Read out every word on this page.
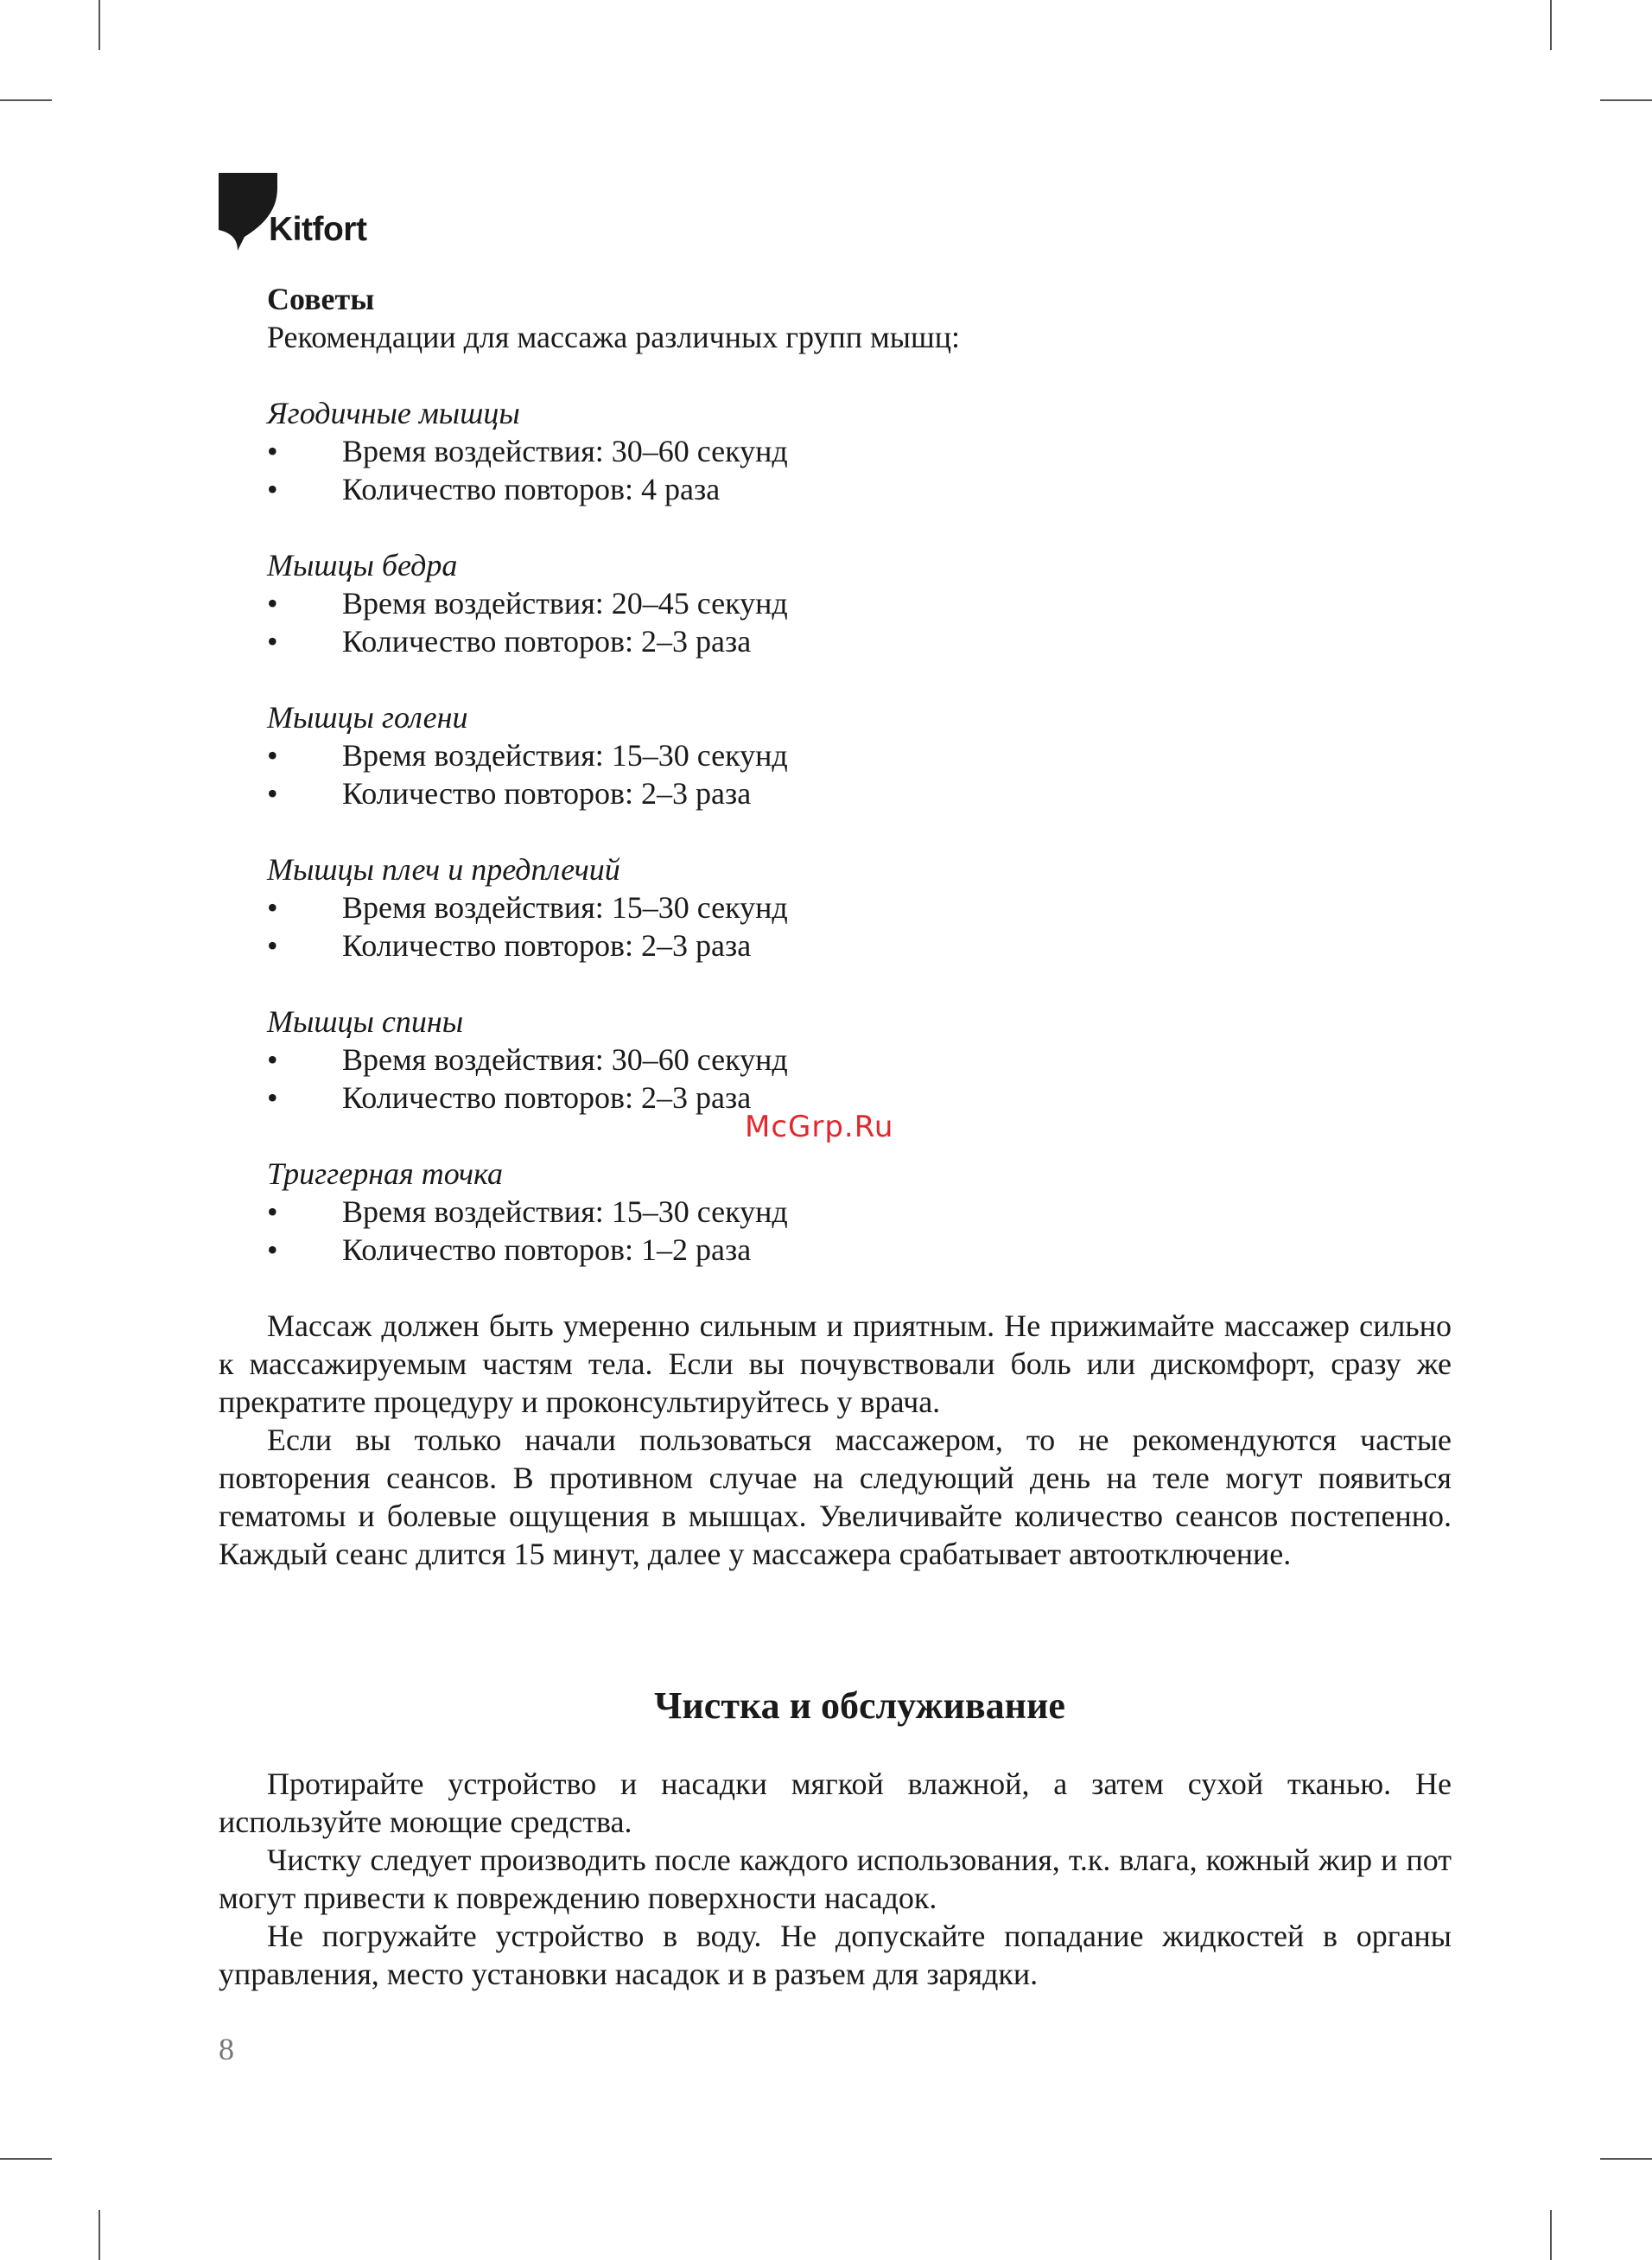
Kitfort
Советы
Рекомендации для массажа различных групп мышц:
Ягодичные мышцы
•	Время воздействия: 30–60 секунд
•	Количество повторов: 4 раза
Мышцы бедра
•	Время воздействия: 20–45 секунд
•	Количество повторов: 2–3 раза
Мышцы голени
•	Время воздействия: 15–30 секунд
•	Количество повторов: 2–3 раза
Мышцы плеч и предплечий
•	Время воздействия: 15–30 секунд
•	Количество повторов: 2–3 раза
Мышцы спины
•	Время воздействия: 30–60 секунд
•	Количество повторов: 2–3 раза
Триггерная точка
•	Время воздействия: 15–30 секунд
•	Количество повторов: 1–2 раза
McGrp.Ru

Массаж должен быть умеренно сильным и приятным. Не прижимайте массажер сильно к массажируемым частям тела. Если вы почувствовали боль или дискомфорт, сразу же прекратите процедуру и проконсультируйтесь у врача.

Если вы только начали пользоваться массажером, то не рекомендуются частые повторения сеансов. В противном случае на следующий день на теле могут появиться гематомы и болевые ощущения в мышцах. Увеличивайте количество сеансов постепенно. Каждый сеанс длится 15 минут, далее у массажера срабатывает автоотключение.

Чистка и обслуживание

Протирайте устройство и насадки мягкой влажной, а затем сухой тканью. Не используйте моющие средства.

Чистку следует производить после каждого использования, т.к. влага, кожный жир и пот могут привести к повреждению поверхности насадок.

Не погружайте устройство в воду. Не допускайте попадание жидкостей в органы управления, место установки насадок и в разъем для зарядки.

8
